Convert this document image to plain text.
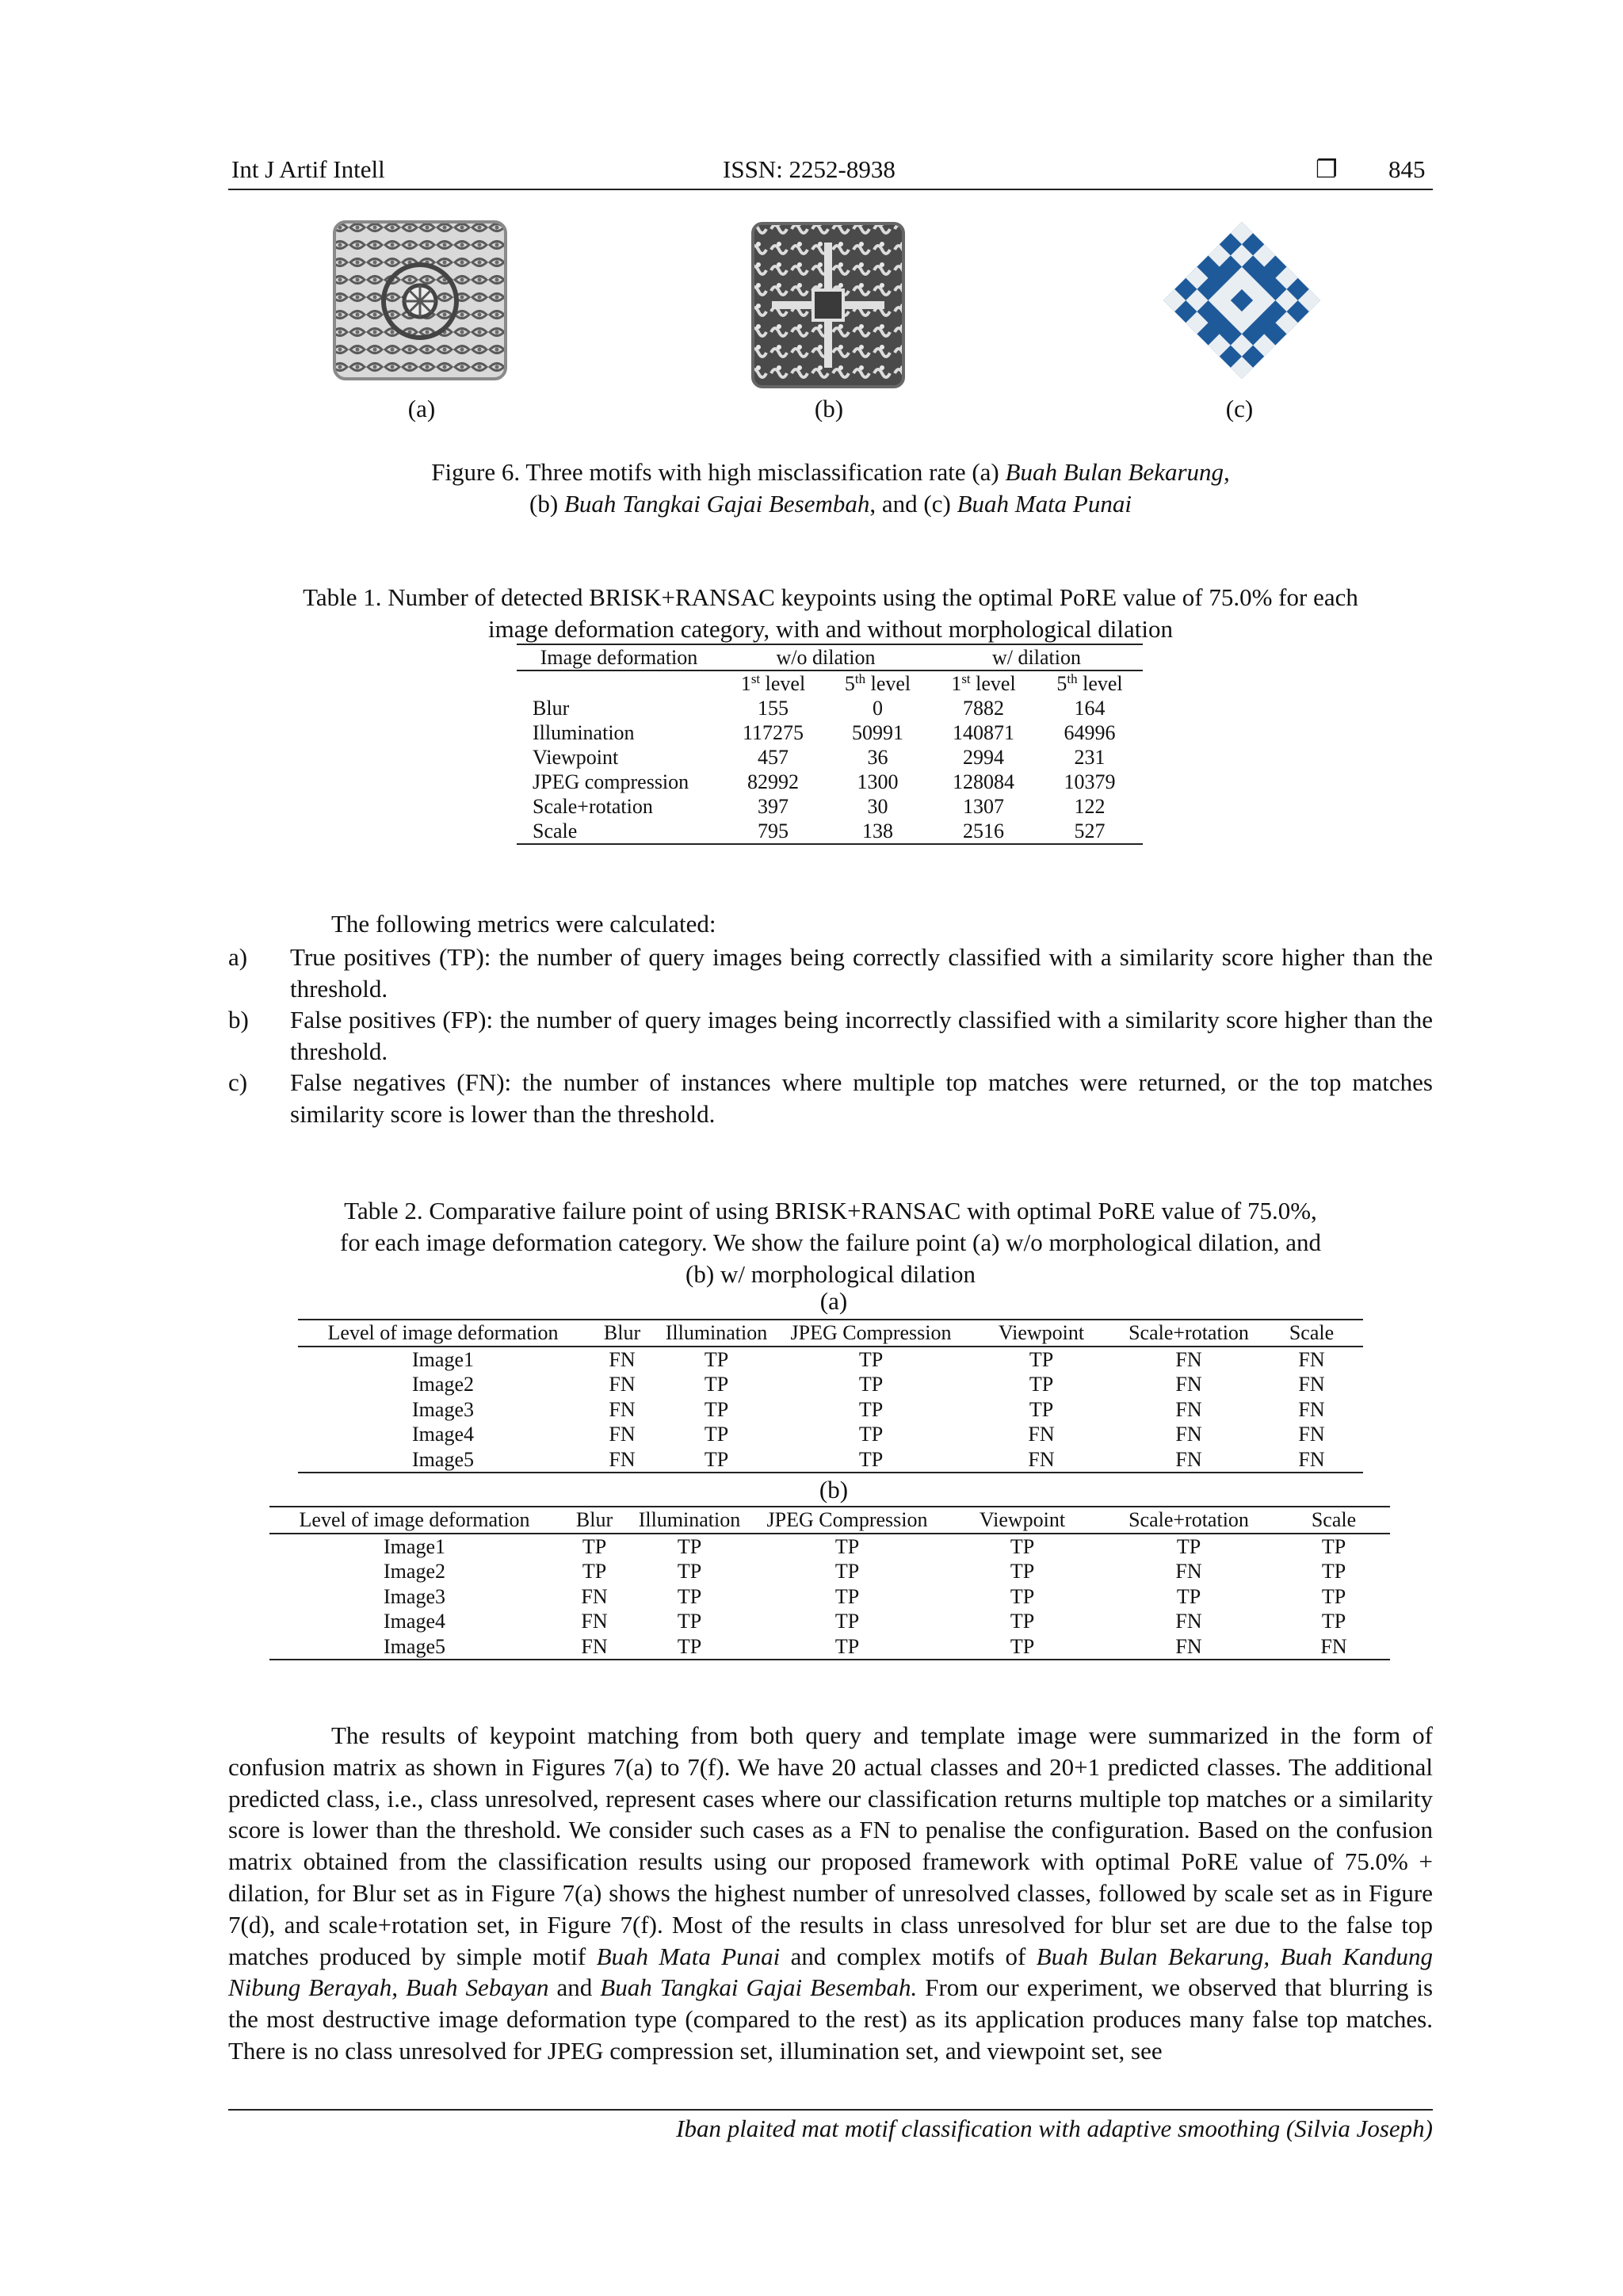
Int J Artif Intell	ISSN: 2252-8938	❐ 845
(a)	(b)	(c)
Figure 6. Three motifs with high misclassification rate (a) Buah Bulan Bekarung,
(b) Buah Tangkai Gajai Besembah, and (c) Buah Mata Punai
Table 1. Number of detected BRISK+RANSAC keypoints using the optimal PoRE value of 75.0% for each
image deformation category, with and without morphological dilation
Image deformation	w/o dilation		w/ dilation	
	1st level	5th level	1st level	5th level
Blur	155	0	7882	164
Illumination	117275	50991	140871	64996
Viewpoint	457	36	2994	231
JPEG compression	82992	1300	128084	10379
Scale+rotation	397	30	1307	122
Scale	795	138	2516	527
The following metrics were calculated:
a) True positives (TP): the number of query images being correctly classified with a similarity score higher than the threshold.
b) False positives (FP): the number of query images being incorrectly classified with a similarity score higher than the threshold.
c) False negatives (FN): the number of instances where multiple top matches were returned, or the top matches similarity score is lower than the threshold.
Table 2. Comparative failure point of using BRISK+RANSAC with optimal PoRE value of 75.0%,
for each image deformation category. We show the failure point (a) w/o morphological dilation, and
(b) w/ morphological dilation
(a)
Level of image deformation	Blur	Illumination	JPEG Compression	Viewpoint	Scale+rotation	Scale
Image1	FN	TP	TP	TP	FN	FN
Image2	FN	TP	TP	TP	FN	FN
Image3	FN	TP	TP	TP	FN	FN
Image4	FN	TP	TP	FN	FN	FN
Image5	FN	TP	TP	FN	FN	FN
(b)
Level of image deformation	Blur	Illumination	JPEG Compression	Viewpoint	Scale+rotation	Scale
Image1	TP	TP	TP	TP	TP	TP
Image2	TP	TP	TP	TP	FN	TP
Image3	FN	TP	TP	TP	TP	TP
Image4	FN	TP	TP	TP	FN	TP
Image5	FN	TP	TP	TP	FN	FN

The results of keypoint matching from both query and template image were summarized in the form of confusion matrix as shown in Figures 7(a) to 7(f). We have 20 actual classes and 20+1 predicted classes. The additional predicted class, i.e., class unresolved, represent cases where our classification returns multiple top matches or a similarity score is lower than the threshold. We consider such cases as a FN to penalise the configuration. Based on the confusion matrix obtained from the classification results using our proposed framework with optimal PoRE value of 75.0% + dilation, for Blur set as in Figure 7(a) shows the highest number of unresolved classes, followed by scale set as in Figure 7(d), and scale+rotation set, in Figure 7(f). Most of the results in class unresolved for blur set are due to the false top matches produced by simple motif Buah Mata Punai and complex motifs of Buah Bulan Bekarung, Buah Kandung Nibung Berayah, Buah Sebayan and Buah Tangkai Gajai Besembah. From our experiment, we observed that blurring is the most destructive image deformation type (compared to the rest) as its application produces many false top matches. There is no class unresolved for JPEG compression set, illumination set, and viewpoint set, see

Iban plaited mat motif classification with adaptive smoothing (Silvia Joseph)
